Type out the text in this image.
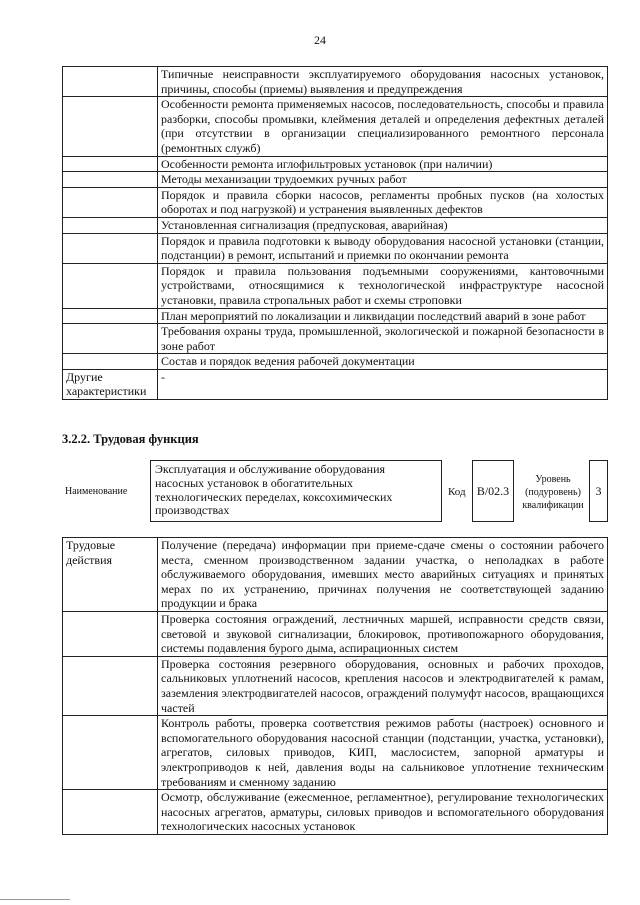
24
	Типичные неисправности эксплуатируемого оборудования насосных установок, причины, способы (приемы) выявления и предупреждения
	Особенности ремонта применяемых насосов, последовательность, способы и правила разборки, способы промывки, клеймения деталей и определения дефектных деталей (при отсутствии в организации специализированного ремонтного персонала (ремонтных служб)
	Особенности ремонта иглофильтровых установок (при наличии)
	Методы механизации трудоемких ручных работ
	Порядок и правила сборки насосов, регламенты пробных пусков (на холостых оборотах и под нагрузкой) и устранения выявленных дефектов
	Установленная сигнализация (предпусковая, аварийная)
	Порядок и правила подготовки к выводу оборудования насосной установки (станции, подстанции) в ремонт, испытаний и приемки по окончании ремонта
	Порядок и правила пользования подъемными сооружениями, кантовочными устройствами, относящимися к технологической инфраструктуре насосной установки, правила стропальных работ и схемы строповки
	План мероприятий по локализации и ликвидации последствий аварий в зоне работ
	Требования охраны труда, промышленной, экологической и пожарной безопасности в зоне работ
	Состав и порядок ведения рабочей документации
Другие характеристики	-
3.2.2. Трудовая функция
Наименование
Эксплуатация и обслуживание оборудования насосных установок в обогатительных технологических переделах, коксохимических производствах
Код B/02.3
Уровень (подуровень) квалификации
3
Трудовые действия	Получение (передача) информации при приеме-сдаче смены о состоянии рабочего места, сменном производственном задании участка, о неполадках в работе обслуживаемого оборудования, имевших место аварийных ситуациях и принятых мерах по их устранению, причинах получения не соответствующей заданию продукции и брака
	Проверка состояния ограждений, лестничных маршей, исправности средств связи, световой и звуковой сигнализации, блокировок, противопожарного оборудования, системы подавления бурого дыма, аспирационных систем
	Проверка состояния резервного оборудования, основных и рабочих проходов, сальниковых уплотнений насосов, крепления насосов и электродвигателей к рамам, заземления электродвигателей насосов, ограждений полумуфт насосов, вращающихся частей
	Контроль работы, проверка соответствия режимов работы (настроек) основного и вспомогательного оборудования насосной станции (подстанции, участка, установки), агрегатов, силовых приводов, КИП, маслосистем, запорной арматуры и электроприводов к ней, давления воды на сальниковое уплотнение техническим требованиям и сменному заданию
	Осмотр, обслуживание (ежесменное, регламентное), регулирование технологических насосных агрегатов, арматуры, силовых приводов и вспомогательного оборудования технологических насосных установок
